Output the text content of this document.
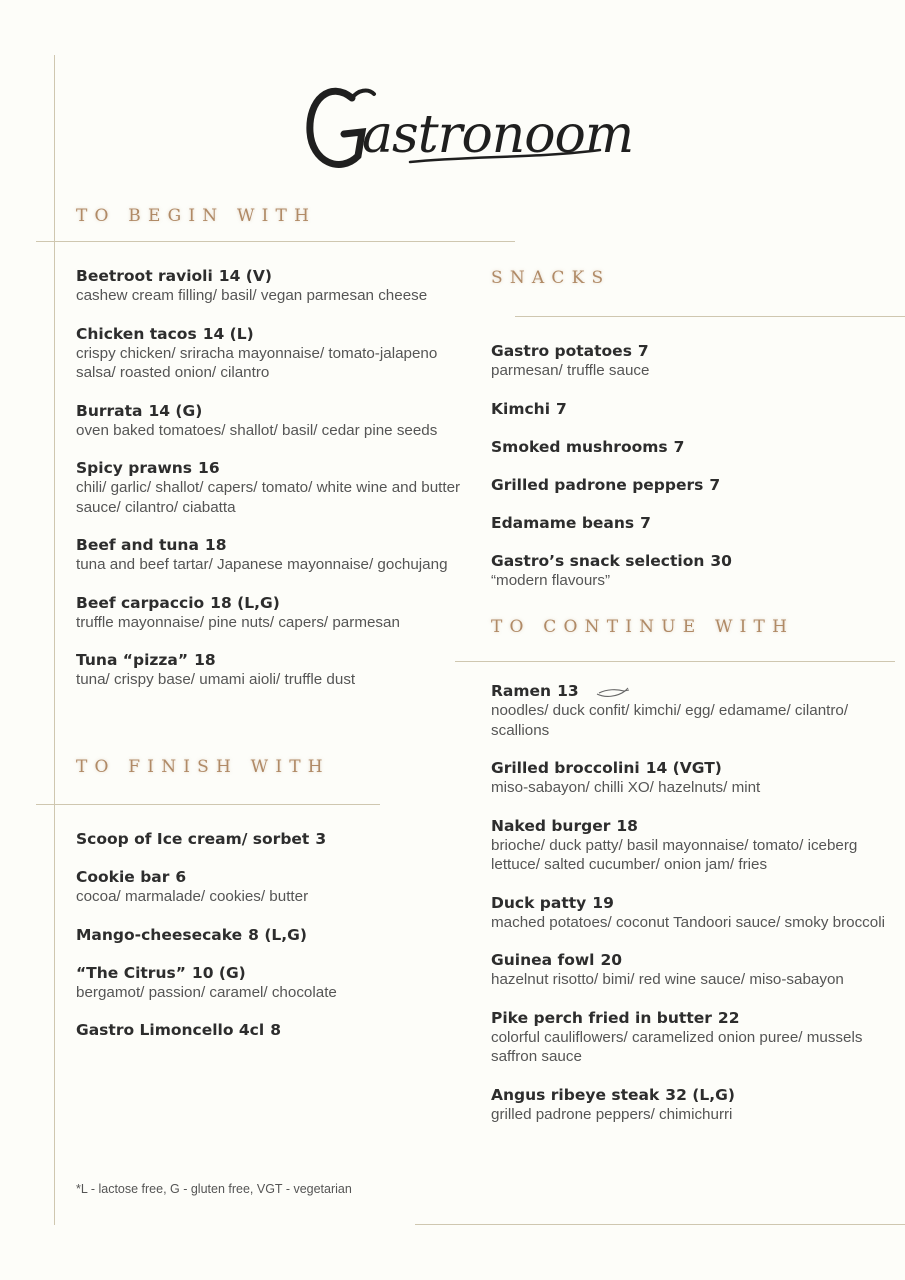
astronoom
TO BEGIN WITH
SNACKS
TO CONTINUE WITH
TO FINISH WITH
Beetroot ravioli 14 (V)
cashew cream filling/ basil/ vegan parmesan cheese
Chicken tacos 14 (L)
crispy chicken/ sriracha mayonnaise/ tomato-jalapeno salsa/ roasted onion/ cilantro
Burrata 14 (G)
oven baked tomatoes/ shallot/ basil/ cedar pine seeds
Spicy prawns 16
chili/ garlic/ shallot/ capers/ tomato/ white wine and butter sauce/ cilantro/ ciabatta
Beef and tuna 18
tuna and beef tartar/ Japanese mayonnaise/ gochujang
Beef carpaccio 18 (L,G)
truffle mayonnaise/ pine nuts/ capers/ parmesan
Tuna “pizza” 18
tuna/ crispy base/ umami aioli/ truffle dust
Scoop of Ice cream/ sorbet 3
Cookie bar 6
cocoa/ marmalade/ cookies/ butter
Mango-cheesecake 8 (L,G)
“The Citrus” 10 (G)
bergamot/ passion/ caramel/ chocolate
Gastro Limoncello 4cl 8
Gastro potatoes 7
parmesan/ truffle sauce
Kimchi 7
Smoked mushrooms 7
Grilled padrone peppers 7
Edamame beans 7
Gastro’s snack selection 30
“modern flavours”
Ramen 13
noodles/ duck confit/ kimchi/ egg/ edamame/ cilantro/ scallions
Grilled broccolini 14 (VGT)
miso-sabayon/ chilli XO/ hazelnuts/ mint
Naked burger 18
brioche/ duck patty/ basil mayonnaise/ tomato/ iceberg lettuce/ salted cucumber/ onion jam/ fries
Duck patty 19
mached potatoes/ coconut Tandoori sauce/ smoky broccoli
Guinea fowl 20
hazelnut risotto/ bimi/ red wine sauce/ miso-sabayon
Pike perch fried in butter 22
colorful cauliflowers/ caramelized onion puree/ mussels saffron sauce
Angus ribeye steak 32 (L,G)
grilled padrone peppers/ chimichurri
*L - lactose free, G - gluten free, VGT - vegetarian
